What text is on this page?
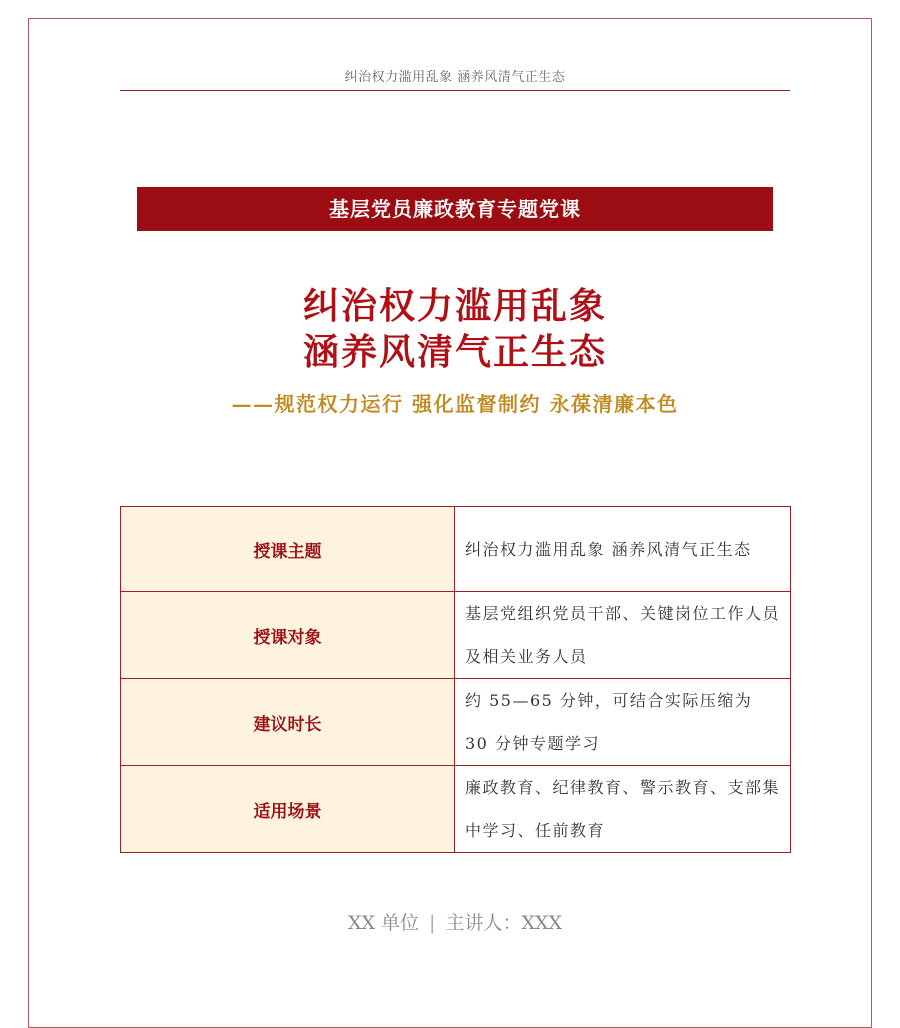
纠治权力滥用乱象 涵养风清气正生态
基层党员廉政教育专题党课
纠治权力滥用乱象
涵养风清气正生态
——规范权力运行 强化监督制约 永葆清廉本色
授课主题	纠治权力滥用乱象 涵养风清气正生态
授课对象	基层党组织党员干部、关键岗位工作人员及相关业务人员
建议时长	约 55—65 分钟，可结合实际压缩为 30 分钟专题学习
适用场景	廉政教育、纪律教育、警示教育、支部集中学习、任前教育
XX 单位 | 主讲人：XXX
